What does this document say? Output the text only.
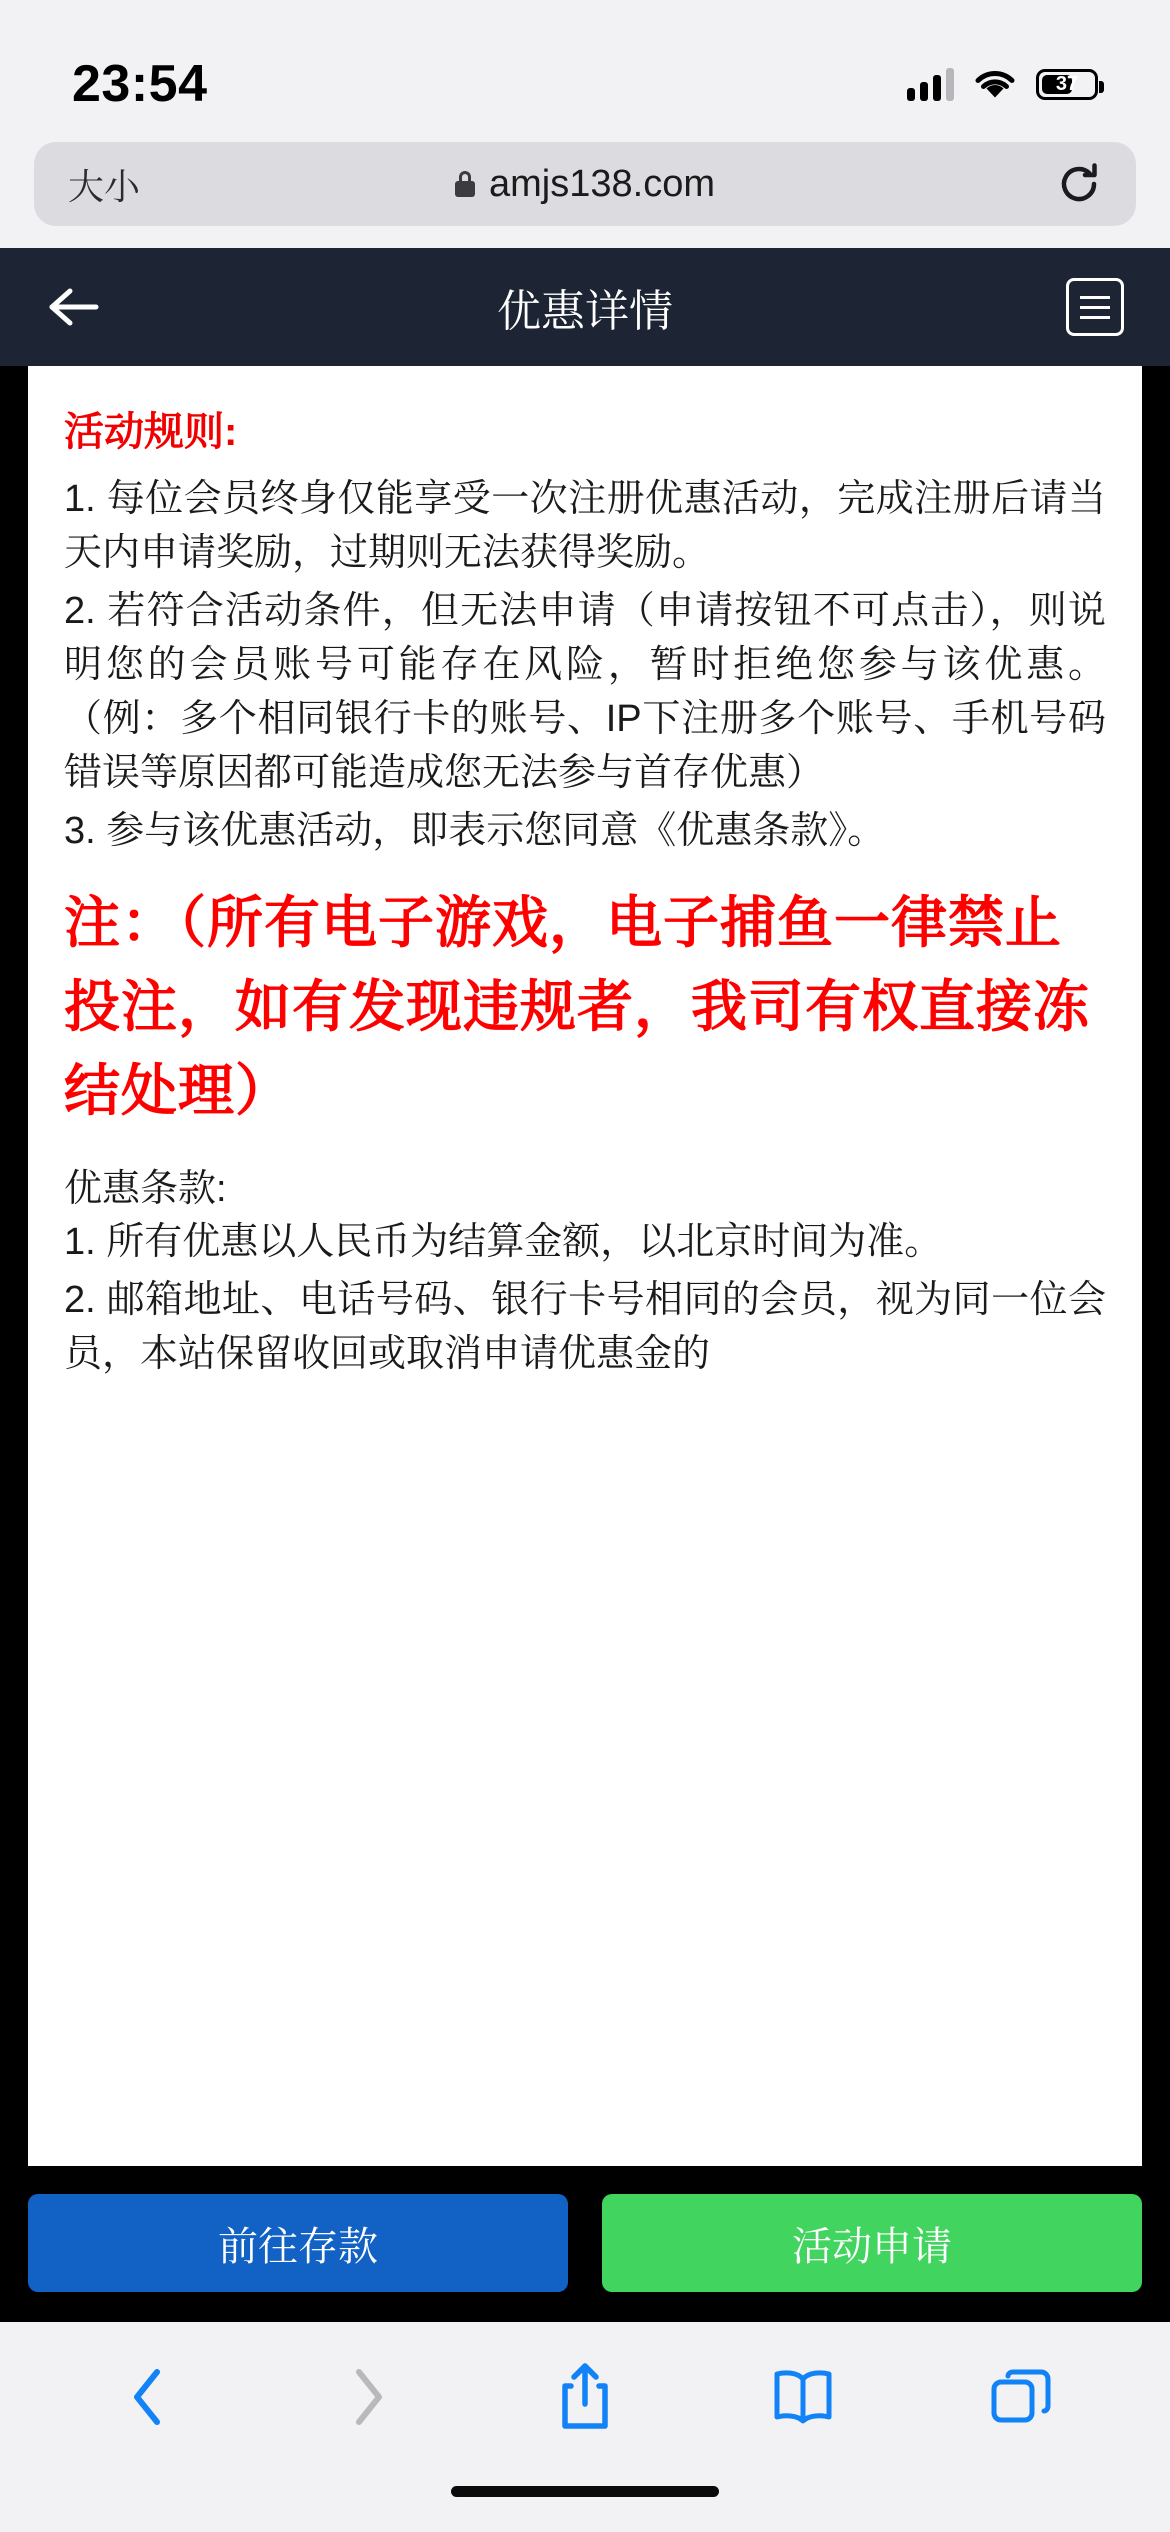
23:54	37
大小	amjs138.com
优惠详情
活动规则:
1. 每位会员终身仅能享受一次注册优惠活动，完成注册后请当天内申请奖励，过期则无法获得奖励。
2. 若符合活动条件，但无法申请（申请按钮不可点击），则说明您的会员账号可能存在风险，暂时拒绝您参与该优惠。（例：多个相同银行卡的账号、IP下注册多个账号、手机号码错误等原因都可能造成您无法参与首存优惠）
3. 参与该优惠活动，即表示您同意《优惠条款》。
注：（所有电子游戏，电子捕鱼一律禁止投注，如有发现违规者，我司有权直接冻结处理）
优惠条款:
1. 所有优惠以人民币为结算金额，以北京时间为准。
2. 邮箱地址、电话号码、银行卡号相同的会员，视为同一位会员，本站保留收回或取消申请优惠金的
前往存款	活动申请
